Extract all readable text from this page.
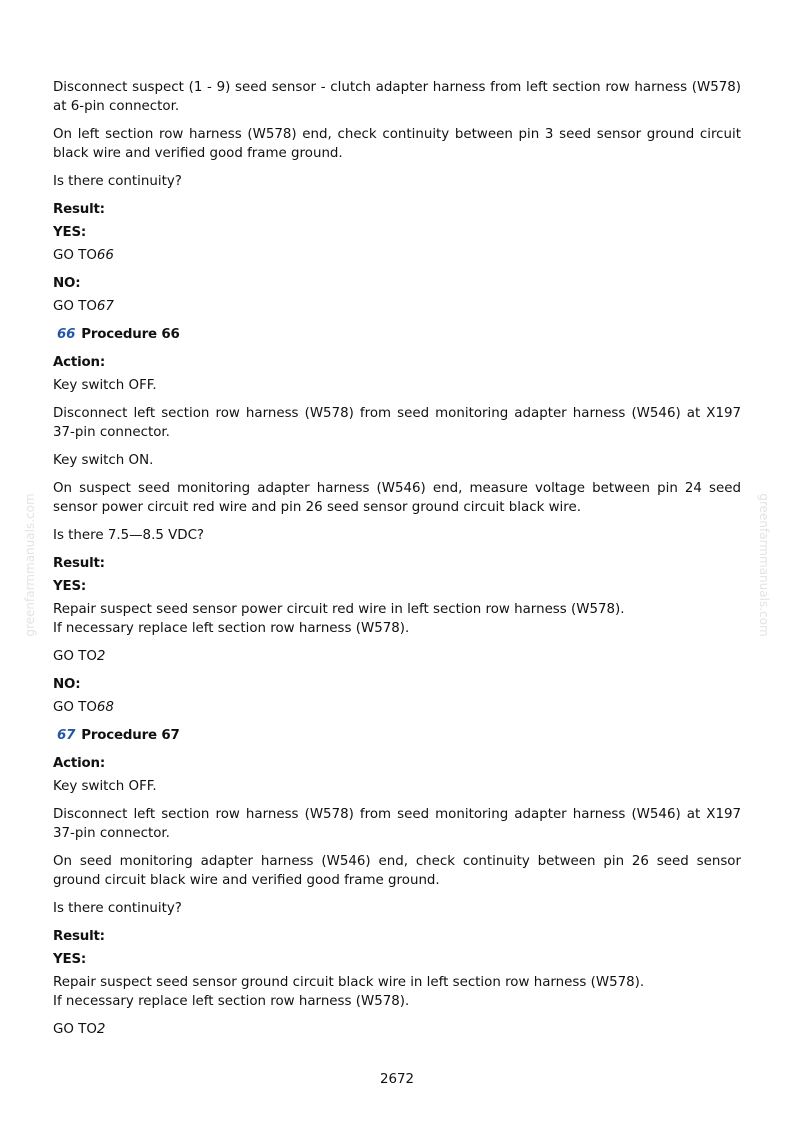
greenfarmmanuals.com	greenfarmmanuals.com

Disconnect suspect (1 - 9) seed sensor - clutch adapter harness from left section row harness (W578) at 6-pin connector.

On left section row harness (W578) end, check continuity between pin 3 seed sensor ground circuit black wire and verified good frame ground.

Is there continuity?

Result:

YES:

GO TO66

NO:

GO TO67

66 Procedure 66

Action:

Key switch OFF.

Disconnect left section row harness (W578) from seed monitoring adapter harness (W546) at X197 37-pin connector.

Key switch ON.

On suspect seed monitoring adapter harness (W546) end, measure voltage between pin 24 seed sensor power circuit red wire and pin 26 seed sensor ground circuit black wire.

Is there 7.5—8.5 VDC?

Result:

YES:

Repair suspect seed sensor power circuit red wire in left section row harness (W578).

If necessary replace left section row harness (W578).

GO TO2

NO:

GO TO68

67 Procedure 67

Action:

Key switch OFF.

Disconnect left section row harness (W578) from seed monitoring adapter harness (W546) at X197 37-pin connector.

On seed monitoring adapter harness (W546) end, check continuity between pin 26 seed sensor ground circuit black wire and verified good frame ground.

Is there continuity?

Result:

YES:

Repair suspect seed sensor ground circuit black wire in left section row harness (W578).

If necessary replace left section row harness (W578).

GO TO2

2672
